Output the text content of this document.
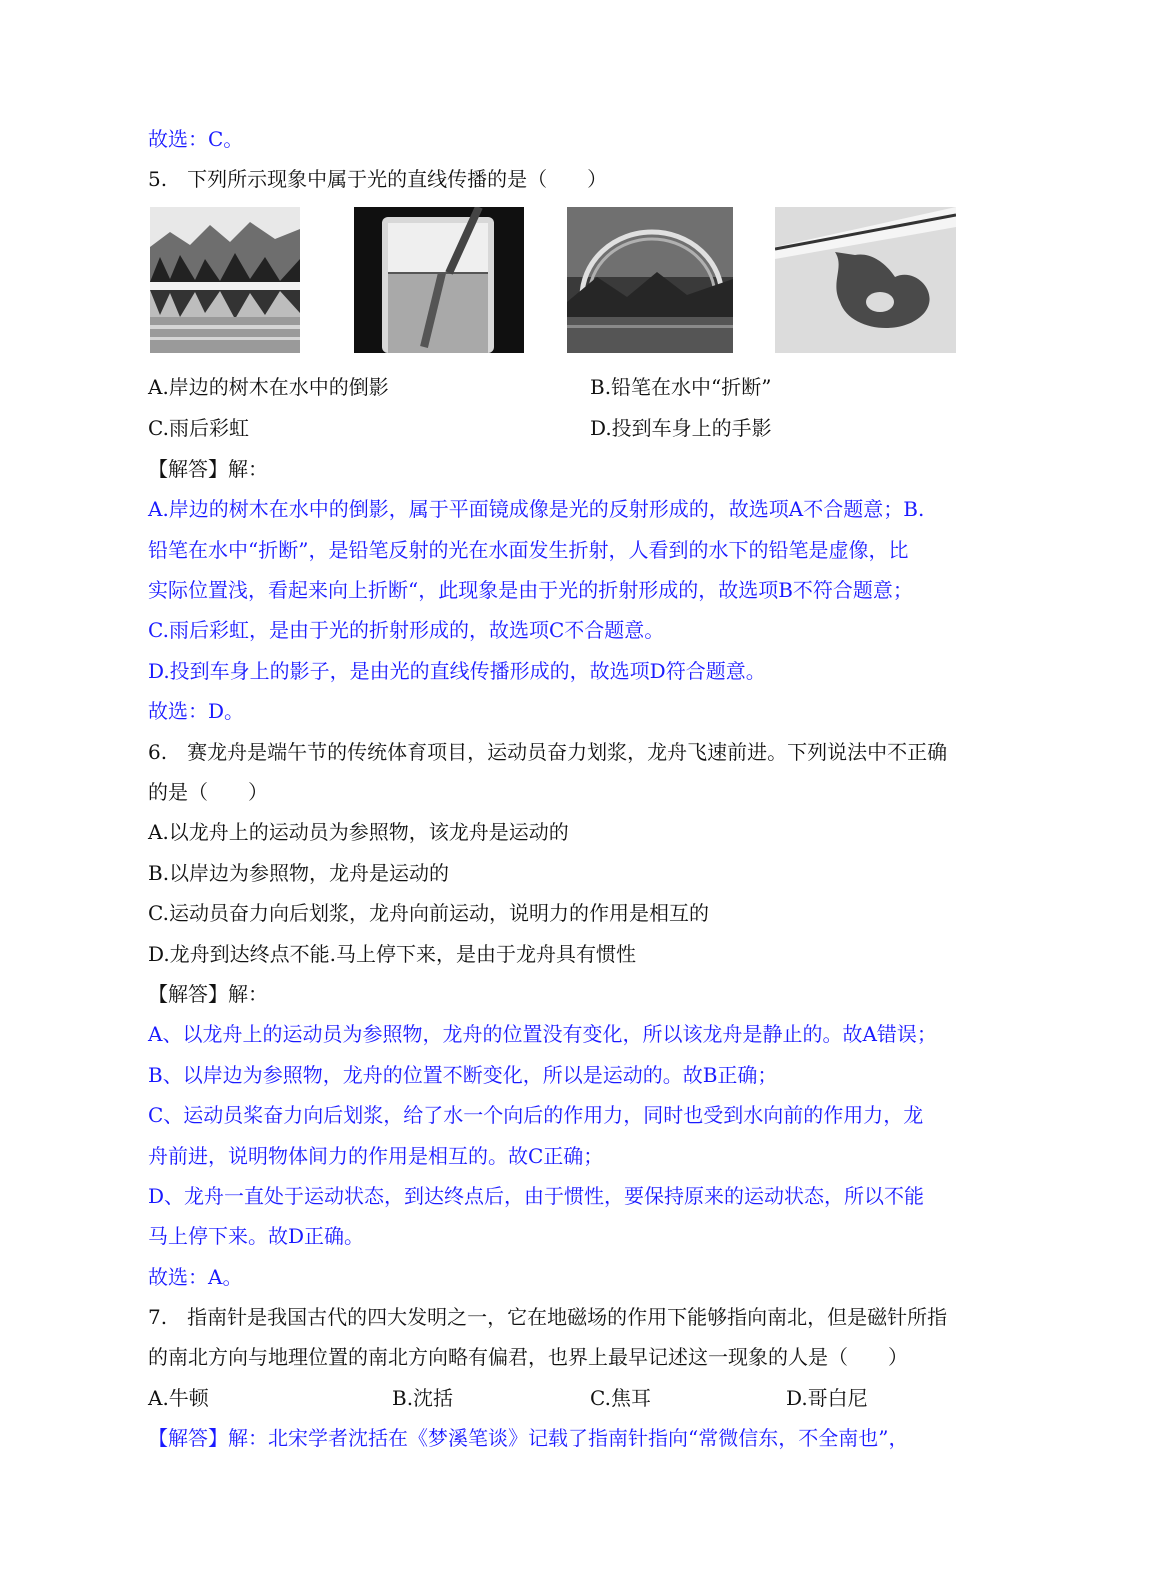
故选：C。
5.　下列所示现象中属于光的直线传播的是（　　）
A.岸边的树木在水中的倒影	B.铅笔在水中“折断”
C.雨后彩虹	D.投到车身上的手影
【解答】解：
A.岸边的树木在水中的倒影，属于平面镜成像是光的反射形成的，故选项A不合题意；B.
铅笔在水中“折断”，是铅笔反射的光在水面发生折射，人看到的水下的铅笔是虚像，比
实际位置浅，看起来向上折断“，此现象是由于光的折射形成的，故选项B不符合题意；
C.雨后彩虹，是由于光的折射形成的，故选项C不合题意。
D.投到车身上的影子，是由光的直线传播形成的，故选项D符合题意。
故选：D。
6.　赛龙舟是端午节的传统体育项目，运动员奋力划浆，龙舟飞速前进。下列说法中不正确
的是（　　）
A.以龙舟上的运动员为参照物，该龙舟是运动的
B.以岸边为参照物，龙舟是运动的
C.运动员奋力向后划浆，龙舟向前运动，说明力的作用是相互的
D.龙舟到达终点不能.马上停下来，是由于龙舟具有惯性
【解答】解：
A、以龙舟上的运动员为参照物，龙舟的位置没有变化，所以该龙舟是静止的。故A错误；
B、以岸边为参照物，龙舟的位置不断变化，所以是运动的。故B正确；
C、运动员桨奋力向后划浆，给了水一个向后的作用力，同时也受到水向前的作用力，龙
舟前进，说明物体间力的作用是相互的。故C正确；
D、龙舟一直处于运动状态，到达终点后，由于惯性，要保持原来的运动状态，所以不能
马上停下来。故D正确。
故选：A。
7.　指南针是我国古代的四大发明之一，它在地磁场的作用下能够指向南北，但是磁针所指
的南北方向与地理位置的南北方向略有偏君，也界上最早记述这一现象的人是（　　）
A.牛顿	B.沈括	C.焦耳	D.哥白尼
【解答】解：北宋学者沈括在《梦溪笔谈》记载了指南针指向“常微信东，不全南也”，
